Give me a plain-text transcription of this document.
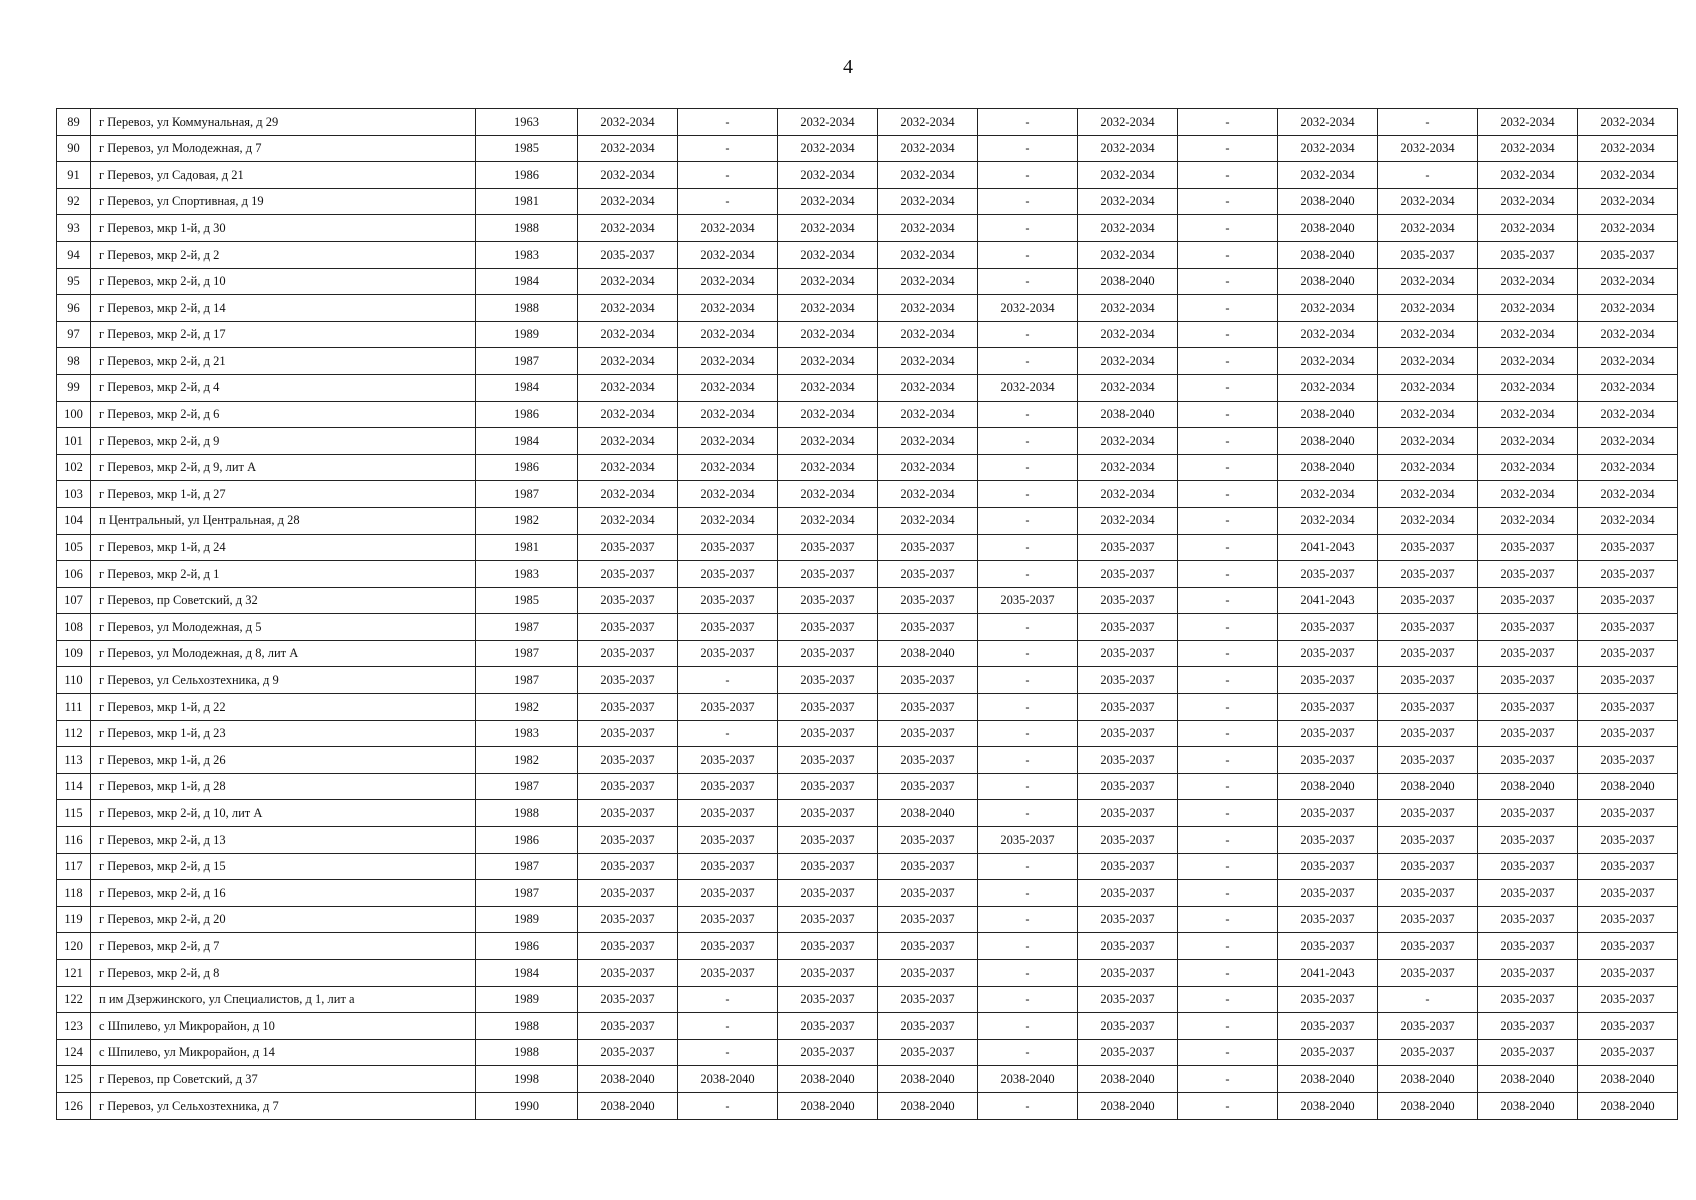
4
89	г Перевоз, ул Коммунальная, д 29	1963	2032-2034	-	2032-2034	2032-2034	-	2032-2034	-	2032-2034	-	2032-2034	2032-2034
90	г Перевоз, ул Молодежная, д 7	1985	2032-2034	-	2032-2034	2032-2034	-	2032-2034	-	2032-2034	2032-2034	2032-2034	2032-2034
91	г Перевоз, ул Садовая, д 21	1986	2032-2034	-	2032-2034	2032-2034	-	2032-2034	-	2032-2034	-	2032-2034	2032-2034
92	г Перевоз, ул Спортивная, д 19	1981	2032-2034	-	2032-2034	2032-2034	-	2032-2034	-	2038-2040	2032-2034	2032-2034	2032-2034
93	г Перевоз, мкр 1-й, д 30	1988	2032-2034	2032-2034	2032-2034	2032-2034	-	2032-2034	-	2038-2040	2032-2034	2032-2034	2032-2034
94	г Перевоз, мкр 2-й, д 2	1983	2035-2037	2032-2034	2032-2034	2032-2034	-	2032-2034	-	2038-2040	2035-2037	2035-2037	2035-2037
95	г Перевоз, мкр 2-й, д 10	1984	2032-2034	2032-2034	2032-2034	2032-2034	-	2038-2040	-	2038-2040	2032-2034	2032-2034	2032-2034
96	г Перевоз, мкр 2-й, д 14	1988	2032-2034	2032-2034	2032-2034	2032-2034	2032-2034	2032-2034	-	2032-2034	2032-2034	2032-2034	2032-2034
97	г Перевоз, мкр 2-й, д 17	1989	2032-2034	2032-2034	2032-2034	2032-2034	-	2032-2034	-	2032-2034	2032-2034	2032-2034	2032-2034
98	г Перевоз, мкр 2-й, д 21	1987	2032-2034	2032-2034	2032-2034	2032-2034	-	2032-2034	-	2032-2034	2032-2034	2032-2034	2032-2034
99	г Перевоз, мкр 2-й, д 4	1984	2032-2034	2032-2034	2032-2034	2032-2034	2032-2034	2032-2034	-	2032-2034	2032-2034	2032-2034	2032-2034
100	г Перевоз, мкр 2-й, д 6	1986	2032-2034	2032-2034	2032-2034	2032-2034	-	2038-2040	-	2038-2040	2032-2034	2032-2034	2032-2034
101	г Перевоз, мкр 2-й, д 9	1984	2032-2034	2032-2034	2032-2034	2032-2034	-	2032-2034	-	2038-2040	2032-2034	2032-2034	2032-2034
102	г Перевоз, мкр 2-й, д 9, лит А	1986	2032-2034	2032-2034	2032-2034	2032-2034	-	2032-2034	-	2038-2040	2032-2034	2032-2034	2032-2034
103	г Перевоз, мкр 1-й, д 27	1987	2032-2034	2032-2034	2032-2034	2032-2034	-	2032-2034	-	2032-2034	2032-2034	2032-2034	2032-2034
104	п Центральный, ул Центральная, д 28	1982	2032-2034	2032-2034	2032-2034	2032-2034	-	2032-2034	-	2032-2034	2032-2034	2032-2034	2032-2034
105	г Перевоз, мкр 1-й, д 24	1981	2035-2037	2035-2037	2035-2037	2035-2037	-	2035-2037	-	2041-2043	2035-2037	2035-2037	2035-2037
106	г Перевоз, мкр 2-й, д 1	1983	2035-2037	2035-2037	2035-2037	2035-2037	-	2035-2037	-	2035-2037	2035-2037	2035-2037	2035-2037
107	г Перевоз, пр Советский, д 32	1985	2035-2037	2035-2037	2035-2037	2035-2037	2035-2037	2035-2037	-	2041-2043	2035-2037	2035-2037	2035-2037
108	г Перевоз, ул Молодежная, д 5	1987	2035-2037	2035-2037	2035-2037	2035-2037	-	2035-2037	-	2035-2037	2035-2037	2035-2037	2035-2037
109	г Перевоз, ул Молодежная, д 8, лит А	1987	2035-2037	2035-2037	2035-2037	2038-2040	-	2035-2037	-	2035-2037	2035-2037	2035-2037	2035-2037
110	г Перевоз, ул Сельхозтехника, д 9	1987	2035-2037	-	2035-2037	2035-2037	-	2035-2037	-	2035-2037	2035-2037	2035-2037	2035-2037
111	г Перевоз, мкр 1-й, д 22	1982	2035-2037	2035-2037	2035-2037	2035-2037	-	2035-2037	-	2035-2037	2035-2037	2035-2037	2035-2037
112	г Перевоз, мкр 1-й, д 23	1983	2035-2037	-	2035-2037	2035-2037	-	2035-2037	-	2035-2037	2035-2037	2035-2037	2035-2037
113	г Перевоз, мкр 1-й, д 26	1982	2035-2037	2035-2037	2035-2037	2035-2037	-	2035-2037	-	2035-2037	2035-2037	2035-2037	2035-2037
114	г Перевоз, мкр 1-й, д 28	1987	2035-2037	2035-2037	2035-2037	2035-2037	-	2035-2037	-	2038-2040	2038-2040	2038-2040	2038-2040
115	г Перевоз, мкр 2-й, д 10, лит А	1988	2035-2037	2035-2037	2035-2037	2038-2040	-	2035-2037	-	2035-2037	2035-2037	2035-2037	2035-2037
116	г Перевоз, мкр 2-й, д 13	1986	2035-2037	2035-2037	2035-2037	2035-2037	2035-2037	2035-2037	-	2035-2037	2035-2037	2035-2037	2035-2037
117	г Перевоз, мкр 2-й, д 15	1987	2035-2037	2035-2037	2035-2037	2035-2037	-	2035-2037	-	2035-2037	2035-2037	2035-2037	2035-2037
118	г Перевоз, мкр 2-й, д 16	1987	2035-2037	2035-2037	2035-2037	2035-2037	-	2035-2037	-	2035-2037	2035-2037	2035-2037	2035-2037
119	г Перевоз, мкр 2-й, д 20	1989	2035-2037	2035-2037	2035-2037	2035-2037	-	2035-2037	-	2035-2037	2035-2037	2035-2037	2035-2037
120	г Перевоз, мкр 2-й, д 7	1986	2035-2037	2035-2037	2035-2037	2035-2037	-	2035-2037	-	2035-2037	2035-2037	2035-2037	2035-2037
121	г Перевоз, мкр 2-й, д 8	1984	2035-2037	2035-2037	2035-2037	2035-2037	-	2035-2037	-	2041-2043	2035-2037	2035-2037	2035-2037
122	п им Дзержинского, ул Специалистов, д 1, лит а	1989	2035-2037	-	2035-2037	2035-2037	-	2035-2037	-	2035-2037	-	2035-2037	2035-2037
123	с Шпилево, ул Микрорайон, д 10	1988	2035-2037	-	2035-2037	2035-2037	-	2035-2037	-	2035-2037	2035-2037	2035-2037	2035-2037
124	с Шпилево, ул Микрорайон, д 14	1988	2035-2037	-	2035-2037	2035-2037	-	2035-2037	-	2035-2037	2035-2037	2035-2037	2035-2037
125	г Перевоз, пр Советский, д 37	1998	2038-2040	2038-2040	2038-2040	2038-2040	2038-2040	2038-2040	-	2038-2040	2038-2040	2038-2040	2038-2040
126	г Перевоз, ул Сельхозтехника, д 7	1990	2038-2040	-	2038-2040	2038-2040	-	2038-2040	-	2038-2040	2038-2040	2038-2040	2038-2040
